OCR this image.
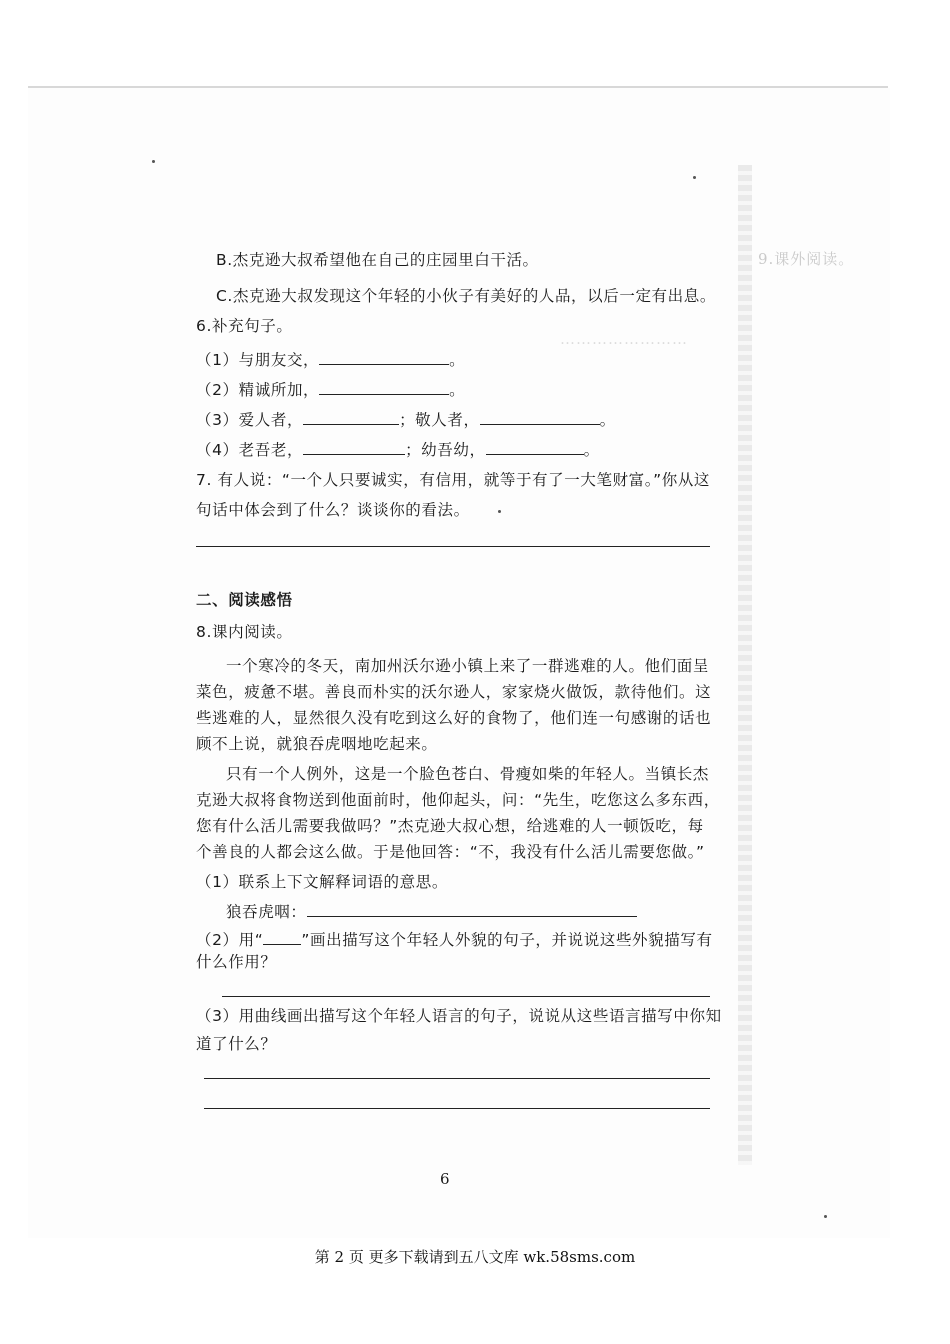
9.课外阅读。
……………………
B.杰克逊大叔希望他在自己的庄园里白干活。
C.杰克逊大叔发现这个年轻的小伙子有美好的人品，以后一定有出息。
6.补充句子。
（1）与朋友交，	。
（2）精诚所加，	。
（3）爱人者，	；敬人者，	。
（4）老吾老，	；幼吾幼，	。
7. 有人说：“一个人只要诚实，有信用，就等于有了一大笔财富。”你从这
句话中体会到了什么？谈谈你的看法。
二、阅读感悟
8.课内阅读。
一个寒冷的冬天，南加州沃尔逊小镇上来了一群逃难的人。他们面呈
菜色，疲惫不堪。善良而朴实的沃尔逊人，家家烧火做饭，款待他们。这
些逃难的人，显然很久没有吃到这么好的食物了，他们连一句感谢的话也
顾不上说，就狼吞虎咽地吃起来。
只有一个人例外，这是一个脸色苍白、骨瘦如柴的年轻人。当镇长杰
克逊大叔将食物送到他面前时，他仰起头，问：“先生，吃您这么多东西，
您有什么活儿需要我做吗？”杰克逊大叔心想，给逃难的人一顿饭吃，每
个善良的人都会这么做。于是他回答：“不，我没有什么活儿需要您做。”
（1）联系上下文解释词语的意思。
狼吞虎咽：
（2）用“ ”画出描写这个年轻人外貌的句子，并说说这些外貌描写有
什么作用？
（3）用曲线画出描写这个年轻人语言的句子，说说从这些语言描写中你知
道了什么？
6
第 2 页 更多下载请到五八文库 wk.58sms.com
